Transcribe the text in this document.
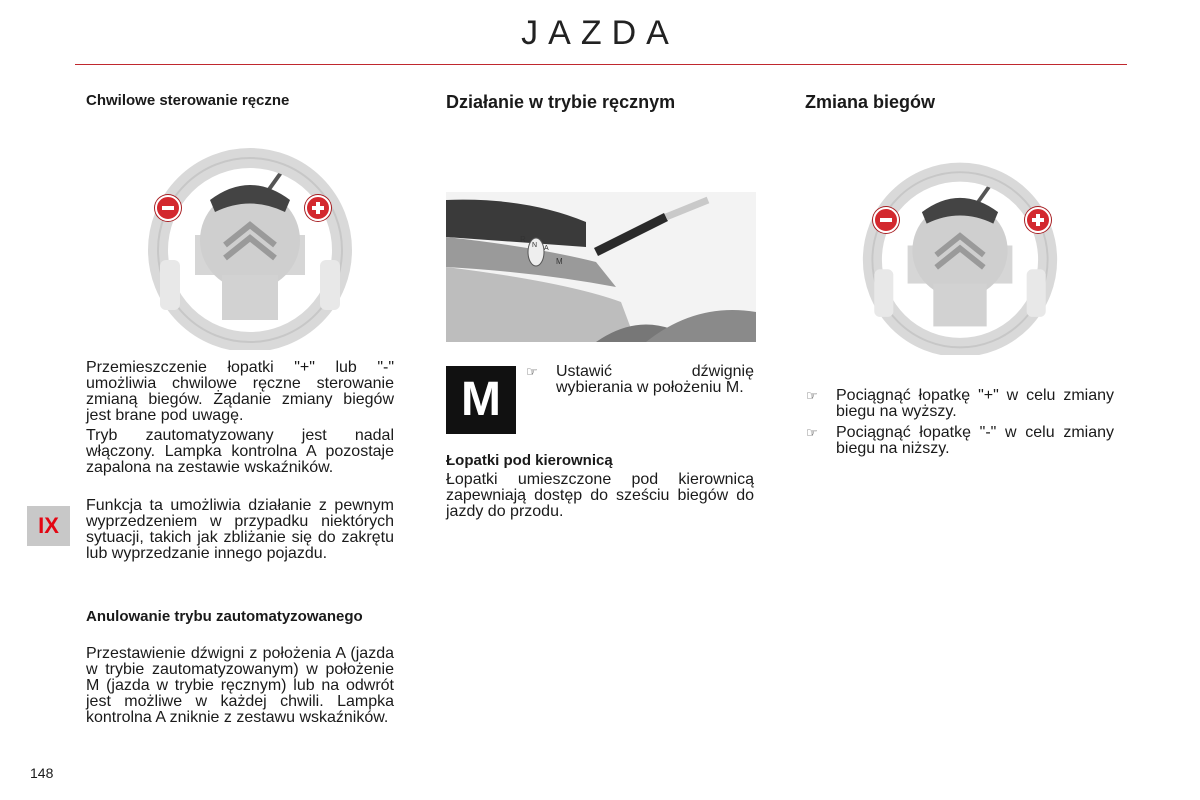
JAZDA
Chwilowe sterowanie ręczne
Przemieszczenie łopatki "+" lub "-" umożliwia chwilowe ręczne sterowanie zmianą biegów. Żądanie zmiany biegów jest brane pod uwagę.
Tryb zautomatyzowany jest nadal włączony. Lampka kontrolna A pozostaje zapalona na zestawie wskaźników.
Funkcja ta umożliwia działanie z pewnym wyprzedzeniem w przypadku niektórych sytuacji, takich jak zbliżanie się do zakrętu lub wyprzedzanie innego pojazdu.
Anulowanie trybu zautomatyzowanego
Przestawienie dźwigni z położenia A (jazda w trybie zautomatyzowanym) w położenie M (jazda w trybie ręcznym) lub na odwrót jest możliwe w każdej chwili. Lampka kontrolna A zniknie z zestawu wskaźników.
Działanie w trybie ręcznym
R
N A
M
M
☞	Ustawić dźwignię wybierania w położeniu M.
Łopatki pod kierownicą
Łopatki umieszczone pod kierownicą zapewniają dostęp do sześciu biegów do jazdy do przodu.
Zmiana biegów
☞	Pociągnąć łopatkę "+" w celu zmiany biegu na wyższy.
☞	Pociągnąć łopatkę "-" w celu zmiany biegu na niższy.
IX
148
